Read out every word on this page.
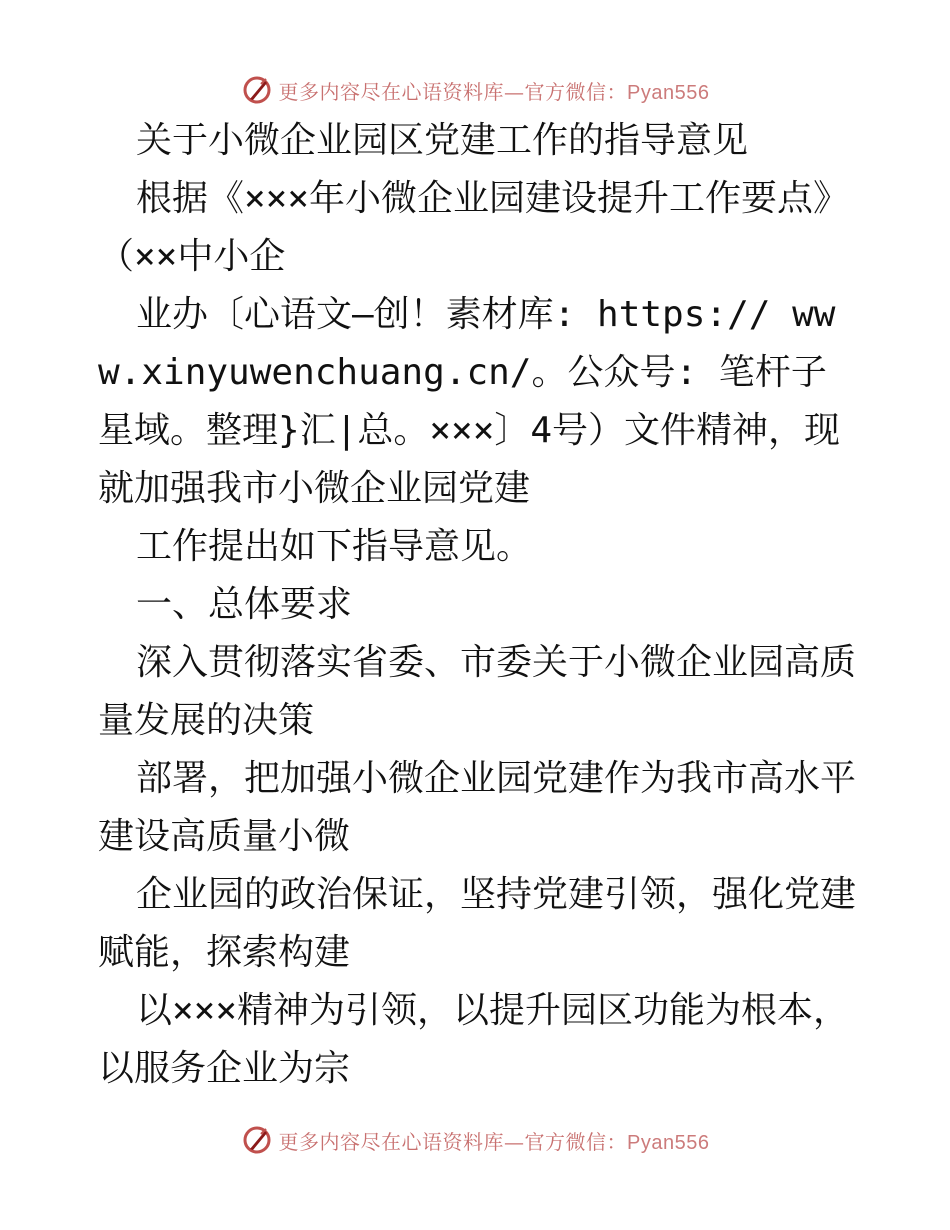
更多内容尽在心语资料库—官方微信：Pyan556

关于小微企业园区党建工作的指导意见

根据《×××年小微企业园建设提升工作要点》（××中小企

业办〔心语文—创！素材库: https:// www.xinyuwenchuang.cn/。公众号: 笔杆子星域。整理}汇|总。×××〕4号）文件精神，现就加强我市小微企业园党建

工作提出如下指导意见。

一、总体要求

深入贯彻落实省委、市委关于小微企业园高质量发展的决策

部署，把加强小微企业园党建作为我市高水平建设高质量小微

企业园的政治保证，坚持党建引领，强化党建赋能，探索构建

以×××精神为引领，以提升园区功能为根本，以服务企业为宗

更多内容尽在心语资料库—官方微信：Pyan556
